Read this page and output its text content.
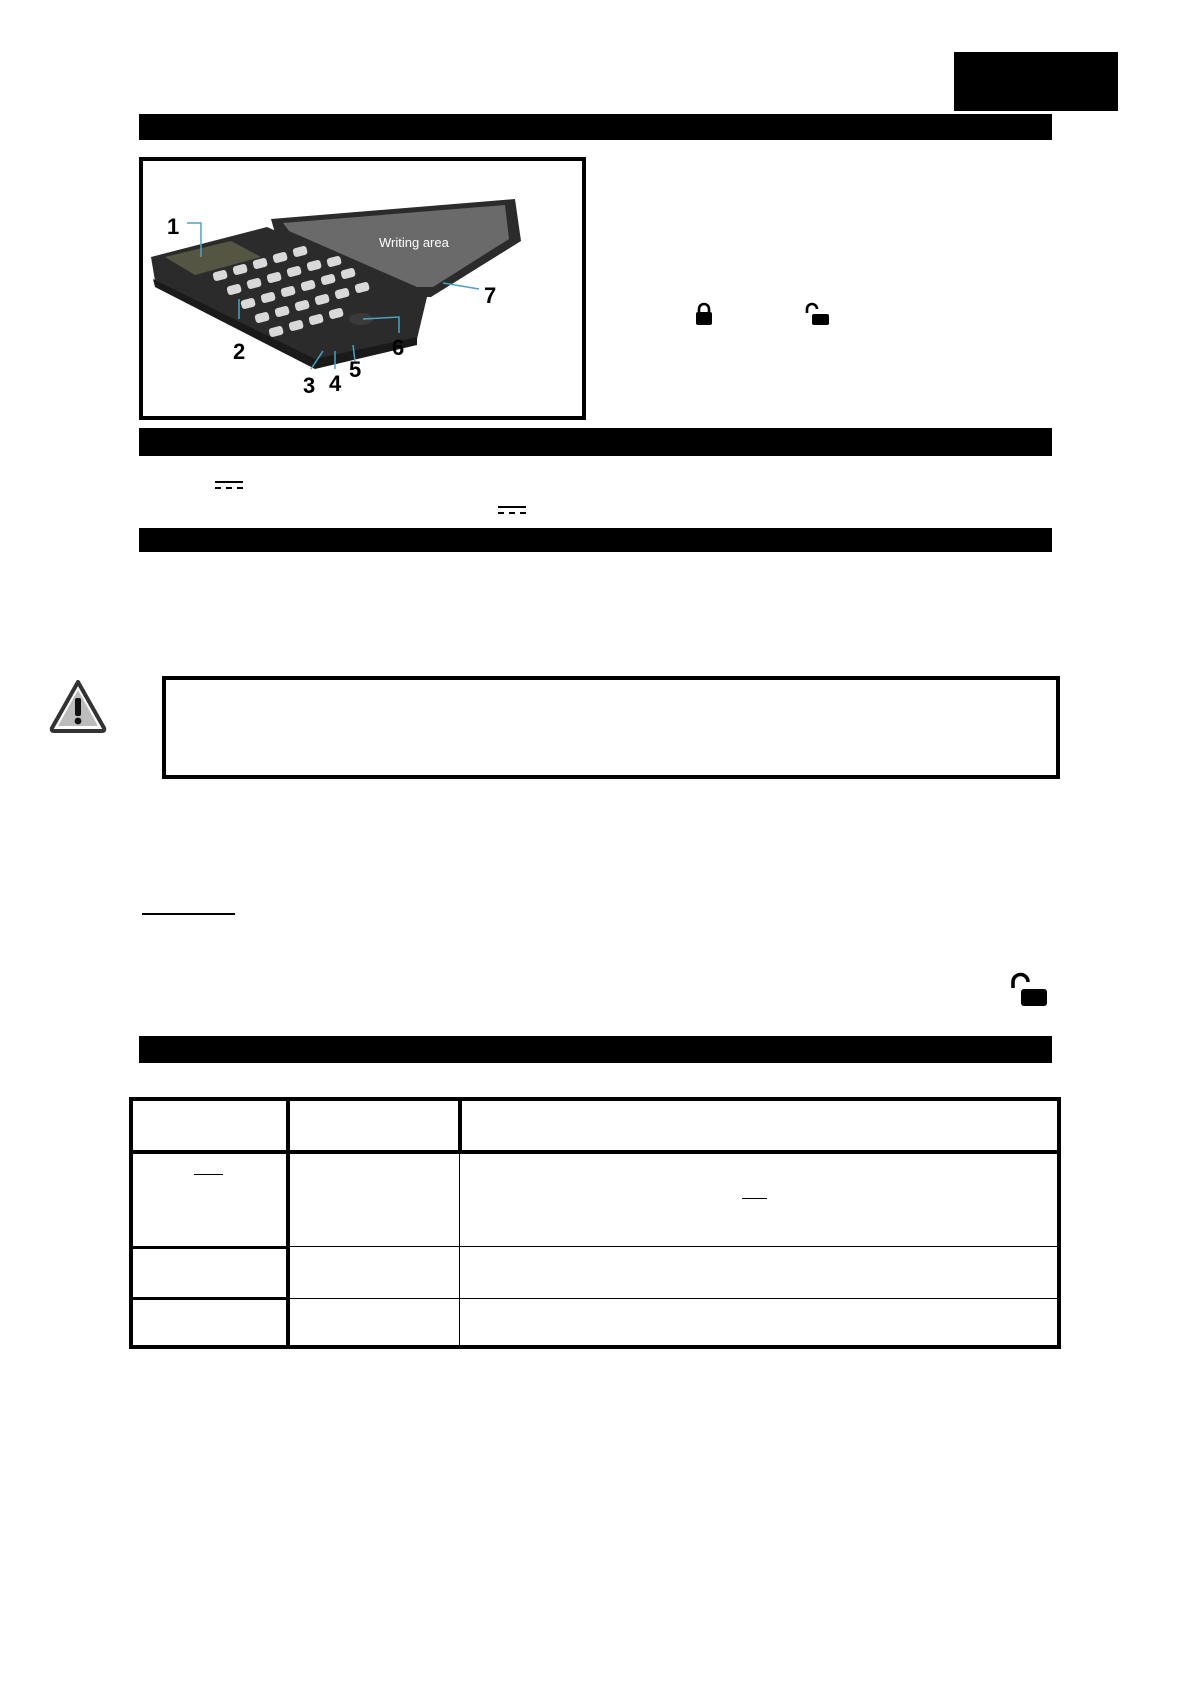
Writing area
1
2
3 4
5
6
7
